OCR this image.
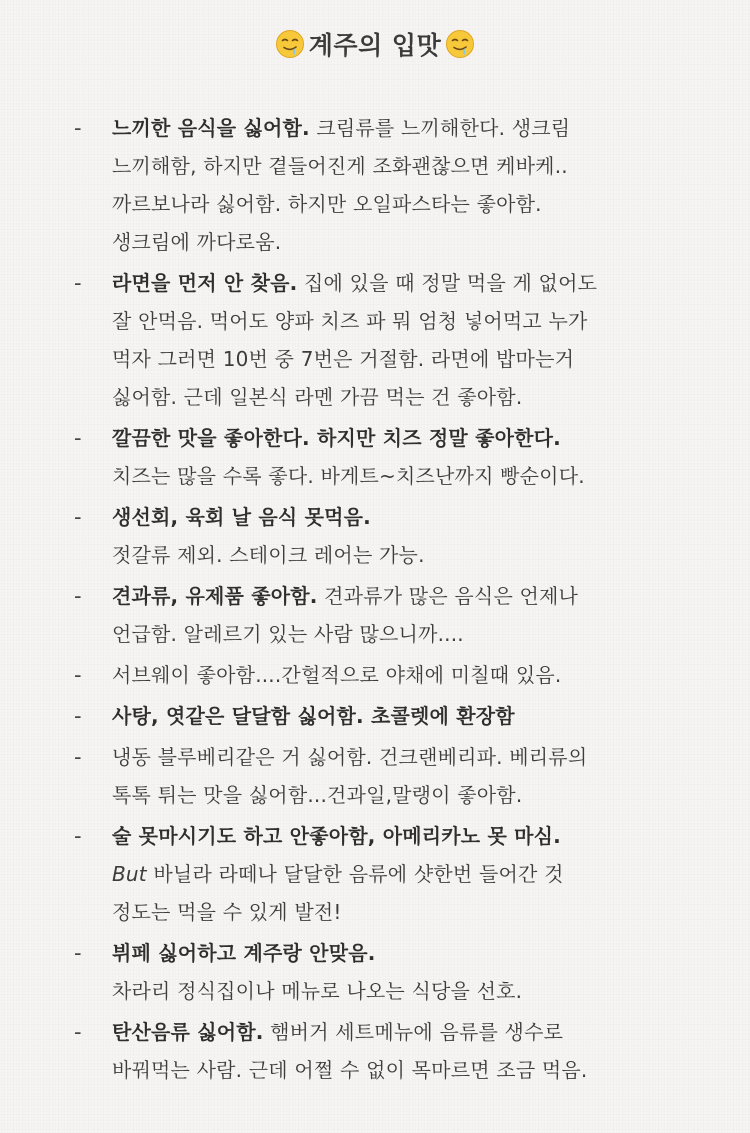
계주의 입맛
- 느끼한 음식을 싫어함. 크림류를 느끼해한다. 생크림
느끼해함, 하지만 곁들어진게 조화괜찮으면 케바케..
까르보나라 싫어함. 하지만 오일파스타는 좋아함.
생크림에 까다로움.
- 라면을 먼저 안 찾음. 집에 있을 때 정말 먹을 게 없어도
잘 안먹음. 먹어도 양파 치즈 파 뭐 엄청 넣어먹고 누가
먹자 그러면 10번 중 7번은 거절함. 라면에 밥마는거
싫어함. 근데 일본식 라멘 가끔 먹는 건 좋아함.
- 깔끔한 맛을 좋아한다. 하지만 치즈 정말 좋아한다.
치즈는 많을 수록 좋다. 바게트~치즈난까지 빵순이다.
- 생선회, 육회 날 음식 못먹음.
젓갈류 제외. 스테이크 레어는 가능.
- 견과류, 유제품 좋아함. 견과류가 많은 음식은 언제나
언급함. 알레르기 있는 사람 많으니까....
- 서브웨이 좋아함....간헐적으로 야채에 미칠때 있음.
- 사탕, 엿같은 달달함 싫어함. 초콜렛에 환장함
- 냉동 블루베리같은 거 싫어함. 건크랜베리파. 베리류의
톡톡 튀는 맛을 싫어함...건과일,말랭이 좋아함.
- 술 못마시기도 하고 안좋아함, 아메리카노 못 마심.
But 바닐라 라떼나 달달한 음류에 샷한번 들어간 것
정도는 먹을 수 있게 발전!
- 뷔페 싫어하고 계주랑 안맞음.
차라리 정식집이나 메뉴로 나오는 식당을 선호.
- 탄산음류 싫어함. 햄버거 세트메뉴에 음류를 생수로
바꿔먹는 사람. 근데 어쩔 수 없이 목마르면 조금 먹음.
